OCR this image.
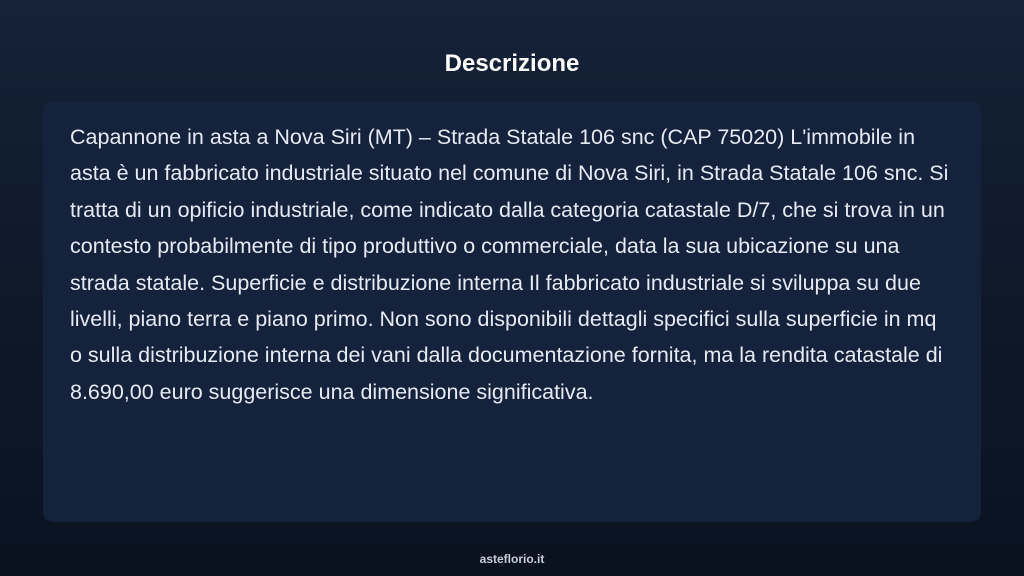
Descrizione

Capannone in asta a Nova Siri (MT) – Strada Statale 106 snc (CAP 75020) L'immobile in asta è un fabbricato industriale situato nel comune di Nova Siri, in Strada Statale 106 snc. Si tratta di un opificio industriale, come indicato dalla categoria catastale D/7, che si trova in un contesto probabilmente di tipo produttivo o commerciale, data la sua ubicazione su una strada statale. Superficie e distribuzione interna Il fabbricato industriale si sviluppa su due livelli, piano terra e piano primo. Non sono disponibili dettagli specifici sulla superficie in mq o sulla distribuzione interna dei vani dalla documentazione fornita, ma la rendita catastale di 8.690,00 euro suggerisce una dimensione significativa.

asteflorio.it
